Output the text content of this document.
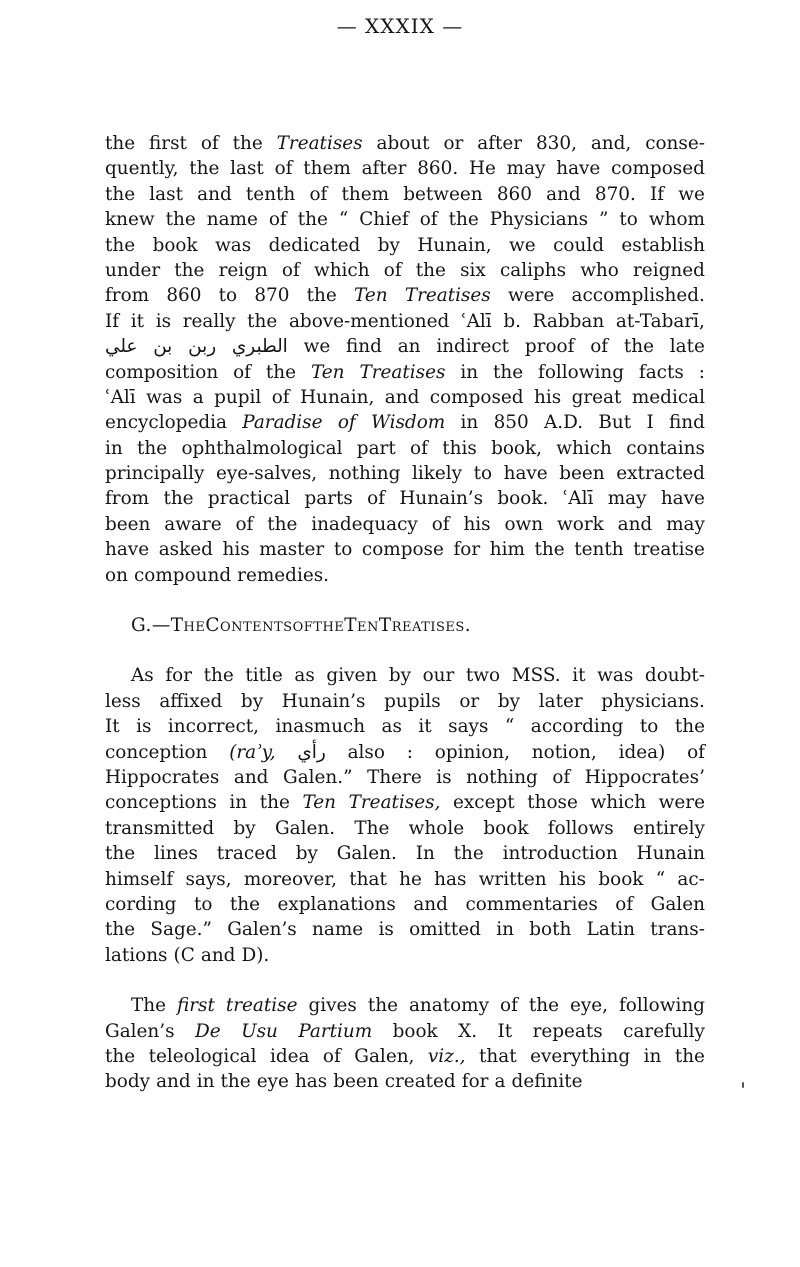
— XXXIX —
the first of the Treatises about or after 830, and, conse-
quently, the last of them after 860. He may have composed
the last and tenth of them between 860 and 870. If we
knew the name of the “ Chief of the Physicians ” to whom
the book was dedicated by Hunain, we could establish
under the reign of which of the six caliphs who reigned
from 860 to 870 the Ten Treatises were accomplished.
If it is really the above-mentioned ʿAlī b. Rabban at-Tabarī,
علي بن ربن الطبري we find an indirect proof of the late
composition of the Ten Treatises in the following facts :
ʿAlī was a pupil of Hunain, and composed his great medical
encyclopedia Paradise of Wisdom in 850 A.D. But I find
in the ophthalmological part of this book, which contains
principally eye-salves, nothing likely to have been extracted
from the practical parts of Hunain’s book. ʿAlī may have
been aware of the inadequacy of his own work and may
have asked his master to compose for him the tenth treatise
on compound remedies.
G.—The Contents of the Ten Treatises.
As for the title as given by our two MSS. it was doubt-
less affixed by Hunain’s pupils or by later physicians.
It is incorrect, inasmuch as it says “ according to the
conception (raʾy, رأي also : opinion, notion, idea) of
Hippocrates and Galen.” There is nothing of Hippocrates’
conceptions in the Ten Treatises, except those which were
transmitted by Galen. The whole book follows entirely
the lines traced by Galen. In the introduction Hunain
himself says, moreover, that he has written his book “ ac-
cording to the explanations and commentaries of Galen
the Sage.” Galen’s name is omitted in both Latin trans-
lations (C and D).
The first treatise gives the anatomy of the eye, following
Galen’s De Usu Partium book X. It repeats carefully
the teleological idea of Galen, viz., that everything in the
body and in the eye has been created for a definite
